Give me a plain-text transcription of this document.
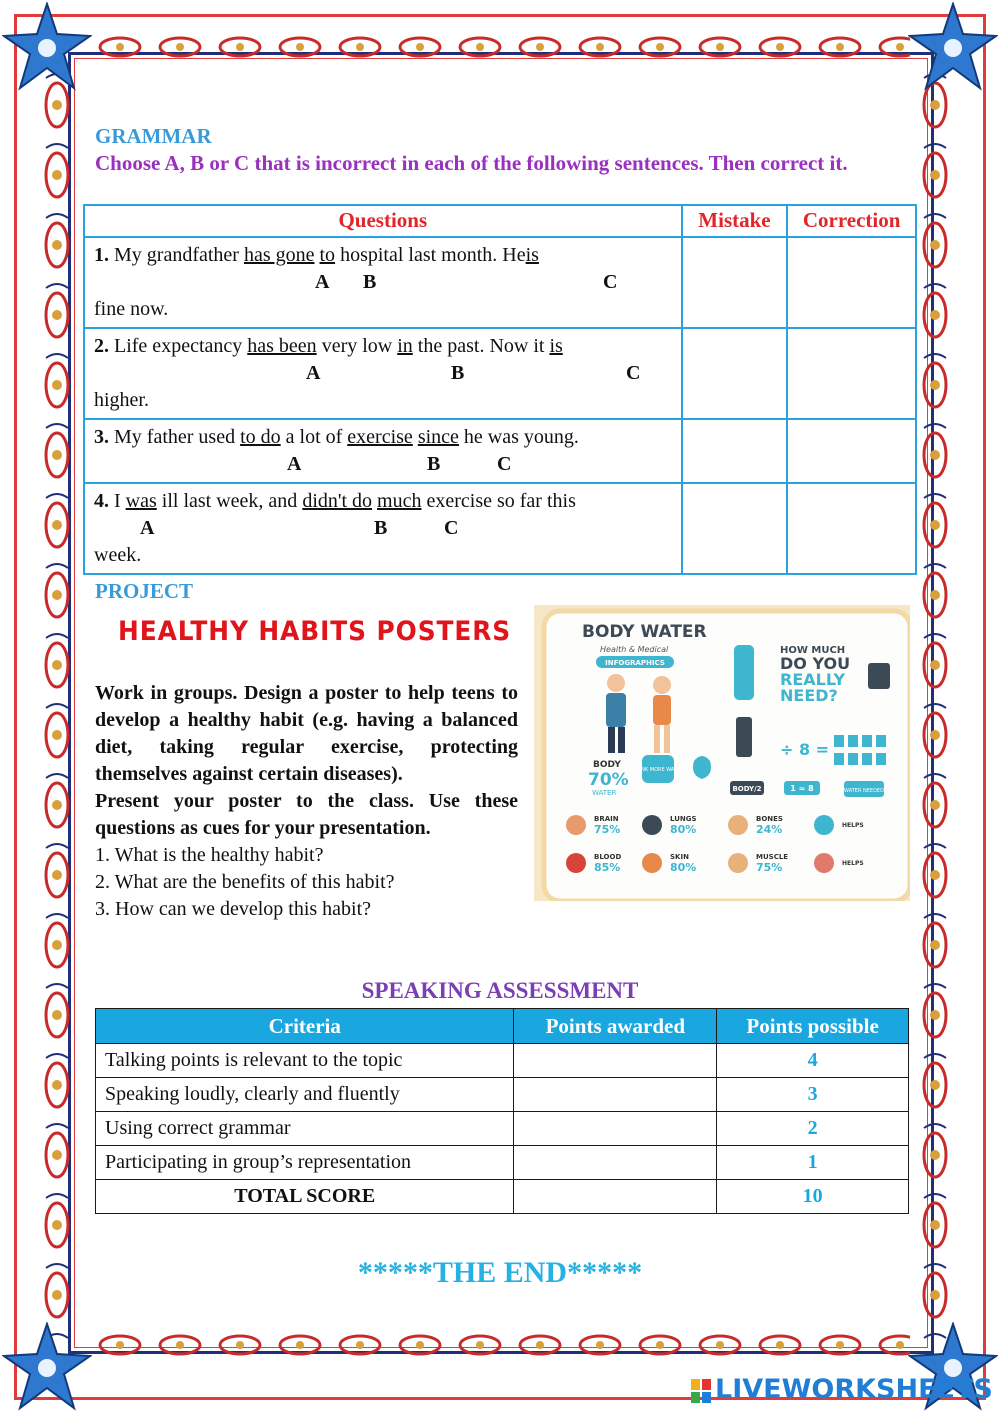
GRAMMAR
Choose A, B or C that is incorrect in each of the following sentences. Then correct it.
Questions	Mistake	Correction

1. My grandfather has gone to hospital last month. Heis
A B C
fine now.		

2. Life expectancy has been very low in the past. Now it is
A B C
higher.		

3. My father used to do a lot of exercise since he was young.
A B C		

4. I was ill last week, and didn't do much exercise so far this
A B C
week.		

PROJECT
HEALTHY HABITS POSTERS
Work in groups. Design a poster to help teens to develop a healthy habit (e.g. having a balanced diet, taking regular exercise, protecting themselves against certain diseases).
Present your poster to the class. Use these questions as cues for your presentation.
1. What is the healthy habit?
2. What are the benefits of this habit?
3. How can we develop this habit?
BODY WATER
Health & Medical
INFOGRAPHICS
BODY
70%
WATER
DRINK MORE WATER
HOW MUCH
DO YOU
REALLY
NEED?
÷ 8 =
BODY/2	1 = 8	WATER NEEDED
BRAIN
75%
LUNGS
80%
BONES
24%	HELPS
BLOOD
85%
SKIN
80%
MUSCLE
75%	HELPS
SPEAKING ASSESSMENT
Criteria	Points awarded	Points possible
Talking points is relevant to the topic		4
Speaking loudly, clearly and fluently		3
Using correct grammar		2
Participating in group’s representation		1
TOTAL SCORE		10
*****THE END*****
LIVEWORKSHEETS
